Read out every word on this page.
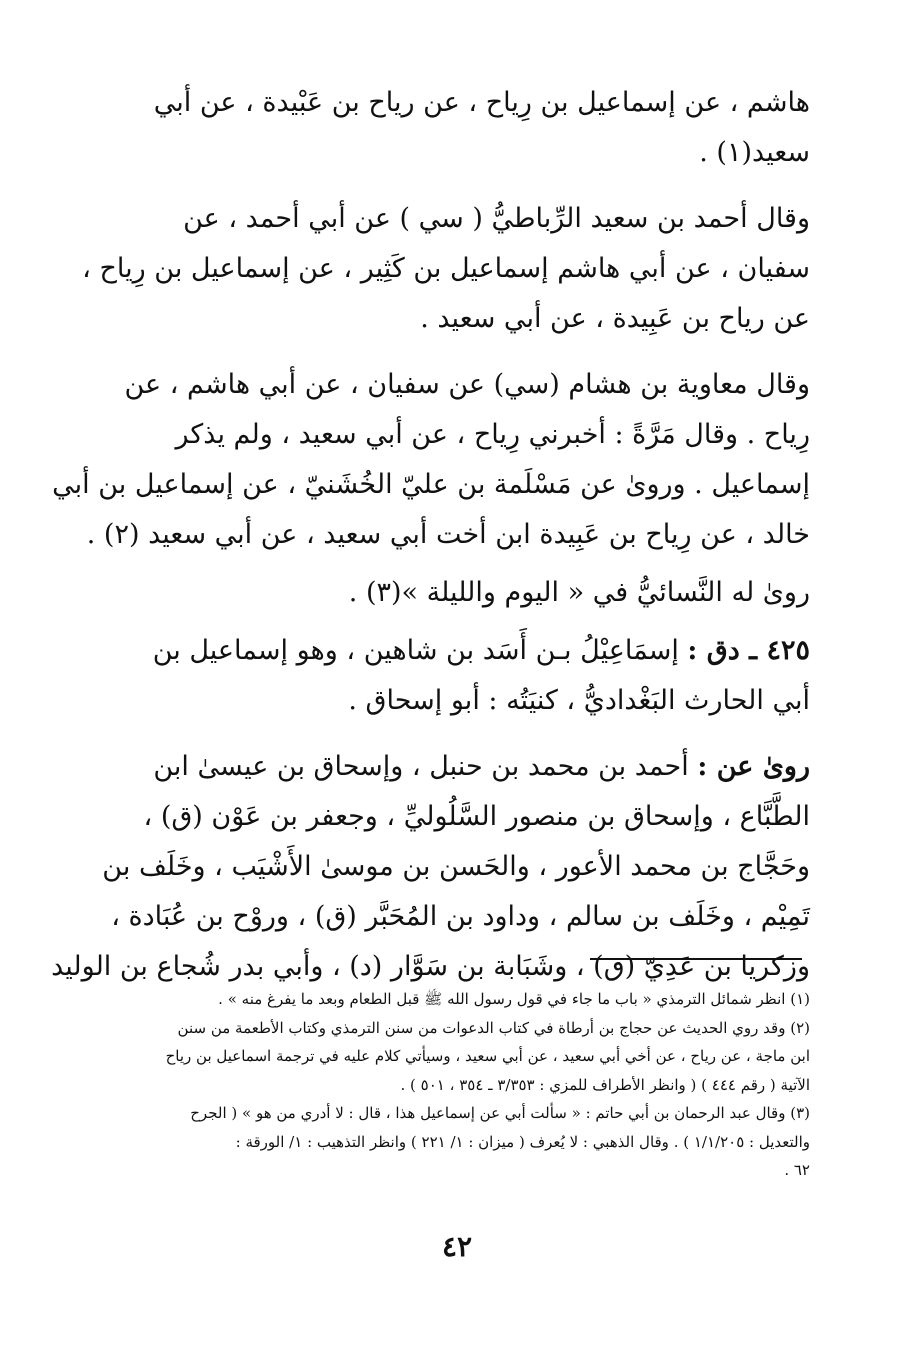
هاشم ، عن إسماعيل بن رِياح ، عن رياح بن عَبْيدة ، عن أبي
سعيد(١) .
وقال أحمد بن سعيد الرِّباطيُّ ( سي ) عن أبي أحمد ، عن
سفيان ، عن أبي هاشم إسماعيل بن كَثِير ، عن إسماعيل بن رِياح ،
عن رياح بن عَبِيدة ، عن أبي سعيد .
وقال معاوية بن هشام (سي) عن سفيان ، عن أبي هاشم ، عن
رِياح . وقال مَرَّةً : أخبرني رِياح ، عن أبي سعيد ، ولم يذكر
إسماعيل . وروىٰ عن مَسْلَمة بن عليّ الخُشَنيّ ، عن إسماعيل بن أبي
خالد ، عن رِياح بن عَبِيدة ابن أخت أبي سعيد ، عن أبي سعيد (٢) .
روىٰ له النَّسائيُّ في « اليوم والليلة »(٣) .
٤٢٥ ـ دق : إسمَاعِيْلُ بـن أَسَد بن شاهين ، وهو إسماعيل بن
أبي الحارث البَغْداديُّ ، كنيَتُه : أبو إسحاق .
روىٰ عن : أحمد بن محمد بن حنبل ، وإسحاق بن عيسىٰ ابن
الطَّبَّاع ، وإسحاق بن منصور السَّلُوليِّ ، وجعفر بن عَوْن (ق) ،
وحَجَّاج بن محمد الأعور ، والحَسن بن موسىٰ الأَشْيَب ، وخَلَف بن
تَمِيْم ، وخَلَف بن سالم ، وداود بن المُحَبَّر (ق) ، وروْح بن عُبَادة ،
وزكريا بن عَدِيّ (ق) ، وشَبَابة بن سَوَّار (د) ، وأبي بدر شُجاع بن الوليد
(١) انظر شمائل الترمذي « باب ما جاء في قول رسول الله ﷺ قبل الطعام وبعد ما يفرغ منه » .
(٢) وقد روي الحديث عن حجاج بن أرطاة في كتاب الدعوات من سنن الترمذي وكتاب الأطعمة من سنن
ابن ماجة ، عن رياح ، عن أخي أبي سعيد ، عن أبي سعيد ، وسيأتي كلام عليه في ترجمة اسماعيل بن رياح
الآتية ( رقم ٤٤٤ ) ( وانظر الأطراف للمزي : ٣/٣٥٣ ـ ٣٥٤ ، ٥٠١ ) .
(٣) وقال عبد الرحمان بن أبي حاتم : « سألت أبي عن إسماعيل هذا ، قال : لا أدري من هو » ( الجرح
والتعديل : ١/١/٢٠٥ ) . وقال الذهبي : لا يُعرف ( ميزان : ١/ ٢٢١ ) وانظر التذهيب : ١/ الورقة :
٦٢ .
٤٢
